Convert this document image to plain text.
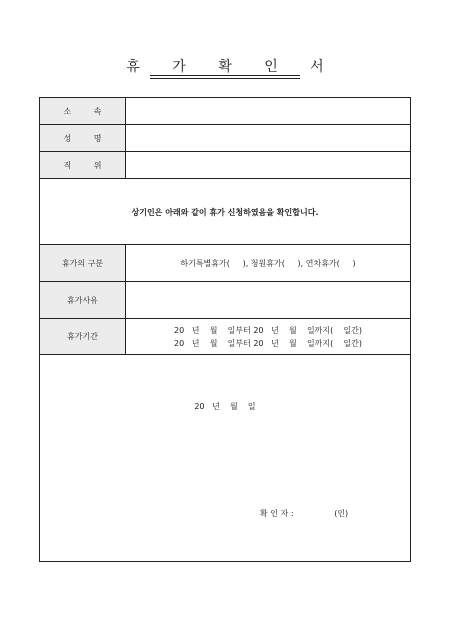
휴 가 확 인 서
소 속
성 명
직 위
상기인은 아래와 같이 휴가 신청하였음을 확인합니다.
휴가의 구분	하기특별휴가(     ), 청원휴가(     ), 연차휴가(     )
휴가사유
휴가기간
20   년    월    일부터 20   년    월    일까지(    일간)
20   년    월    일부터 20   년    월    일까지(    일간)
20   년    월    일
확 인 자 :                (인)
